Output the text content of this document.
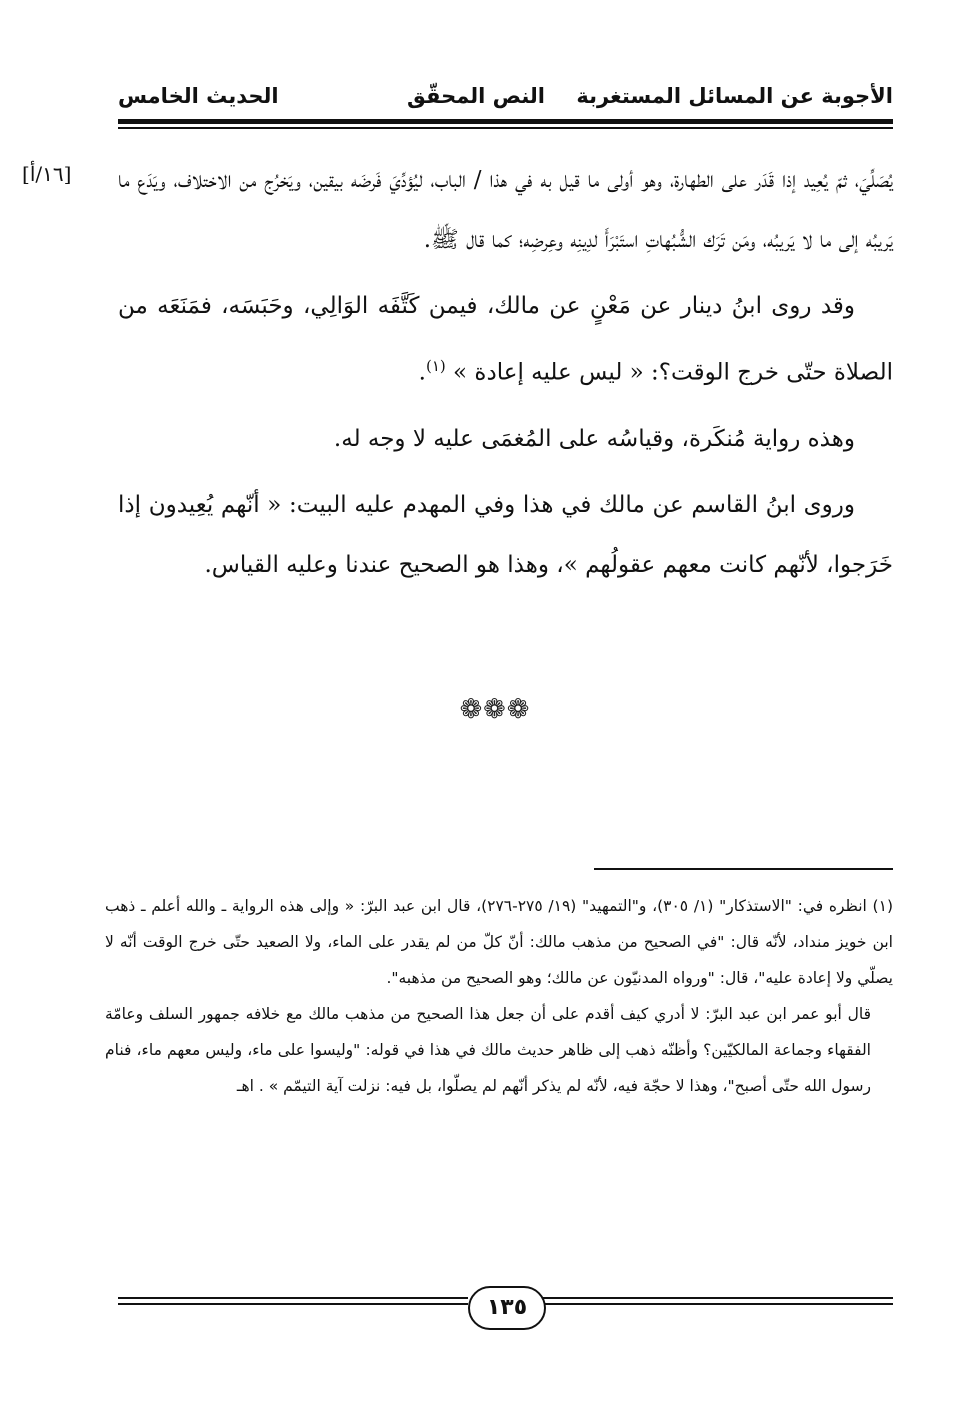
الأجوبة عن المسائل المستغربة
النص المحقّق
الحديث الخامس
[١٦/أ] يُصَلِّيَ، ثمّ يُعِيد إذا قَدَر على الطهارة، وهو أولى ما قيل به في هذا / الباب، ليُؤدِّيَ فَرضَه بيقين، ويَخرُج من الاختلاف، ويَدَع ما يَريبُه إلى ما لا يَريبُه، ومَن تَرَك الشُّبُهاتِ استَبْرَأَ لدِينِه وعِرضِه؛ كما قال ﷺ.

وقد روى ابنُ دينار عن مَعْنٍ عن مالك، فيمن كَتَّفَه الوَالِي، وحَبَسَه، فمَنَعَه من الصلاة حتّى خرج الوقت؟: « ليس عليه إعادة » $^{(١)}$.

وهذه رواية مُنكَرة، وقياسُه على المُغمَى عليه لا وجه له.

وروى ابنُ القاسم عن مالك في هذا وفي المهدم عليه البيت: « أنّهم يُعِيدون إذا خَرَجوا، لأنّهم كانت معهم عقولُهم »، وهذا هو الصحيح عندنا وعليه القياس.

❁❁❁

(١) انظره في: "الاستذكار" (١/ ٣٠٥)، و"التمهيد" (١٩/ ٢٧٥-٢٧٦)، قال ابن عبد البرّ: « وإلى هذه الرواية ـ والله أعلم ـ ذهب ابن خويز منداد، لأنّه قال: "في الصحيح من مذهب مالك: أنّ كلّ من لم يقدر على الماء، ولا الصعيد حتّى خرج الوقت أنّه لا يصلّي ولا إعادة عليه"، قال: "ورواه المدنيّون عن مالك؛ وهو الصحيح من مذهبه".

قال أبو عمر ابن عبد البرّ: لا أدري كيف أقدم على أن جعل هذا الصحيح من مذهب مالك مع خلافه جمهور السلف وعامّة الفقهاء وجماعة المالكيّين؟ وأظنّه ذهب إلى ظاهر حديث مالك في هذا في قوله: "وليسوا على ماء، وليس معهم ماء، فنام رسول الله حتّى أصبح"، وهذا لا حجّة فيه، لأنّه لم يذكر أنّهم لم يصلّوا، بل فيه: نزلت آية التيمّم » . اهـ

١٣٥
